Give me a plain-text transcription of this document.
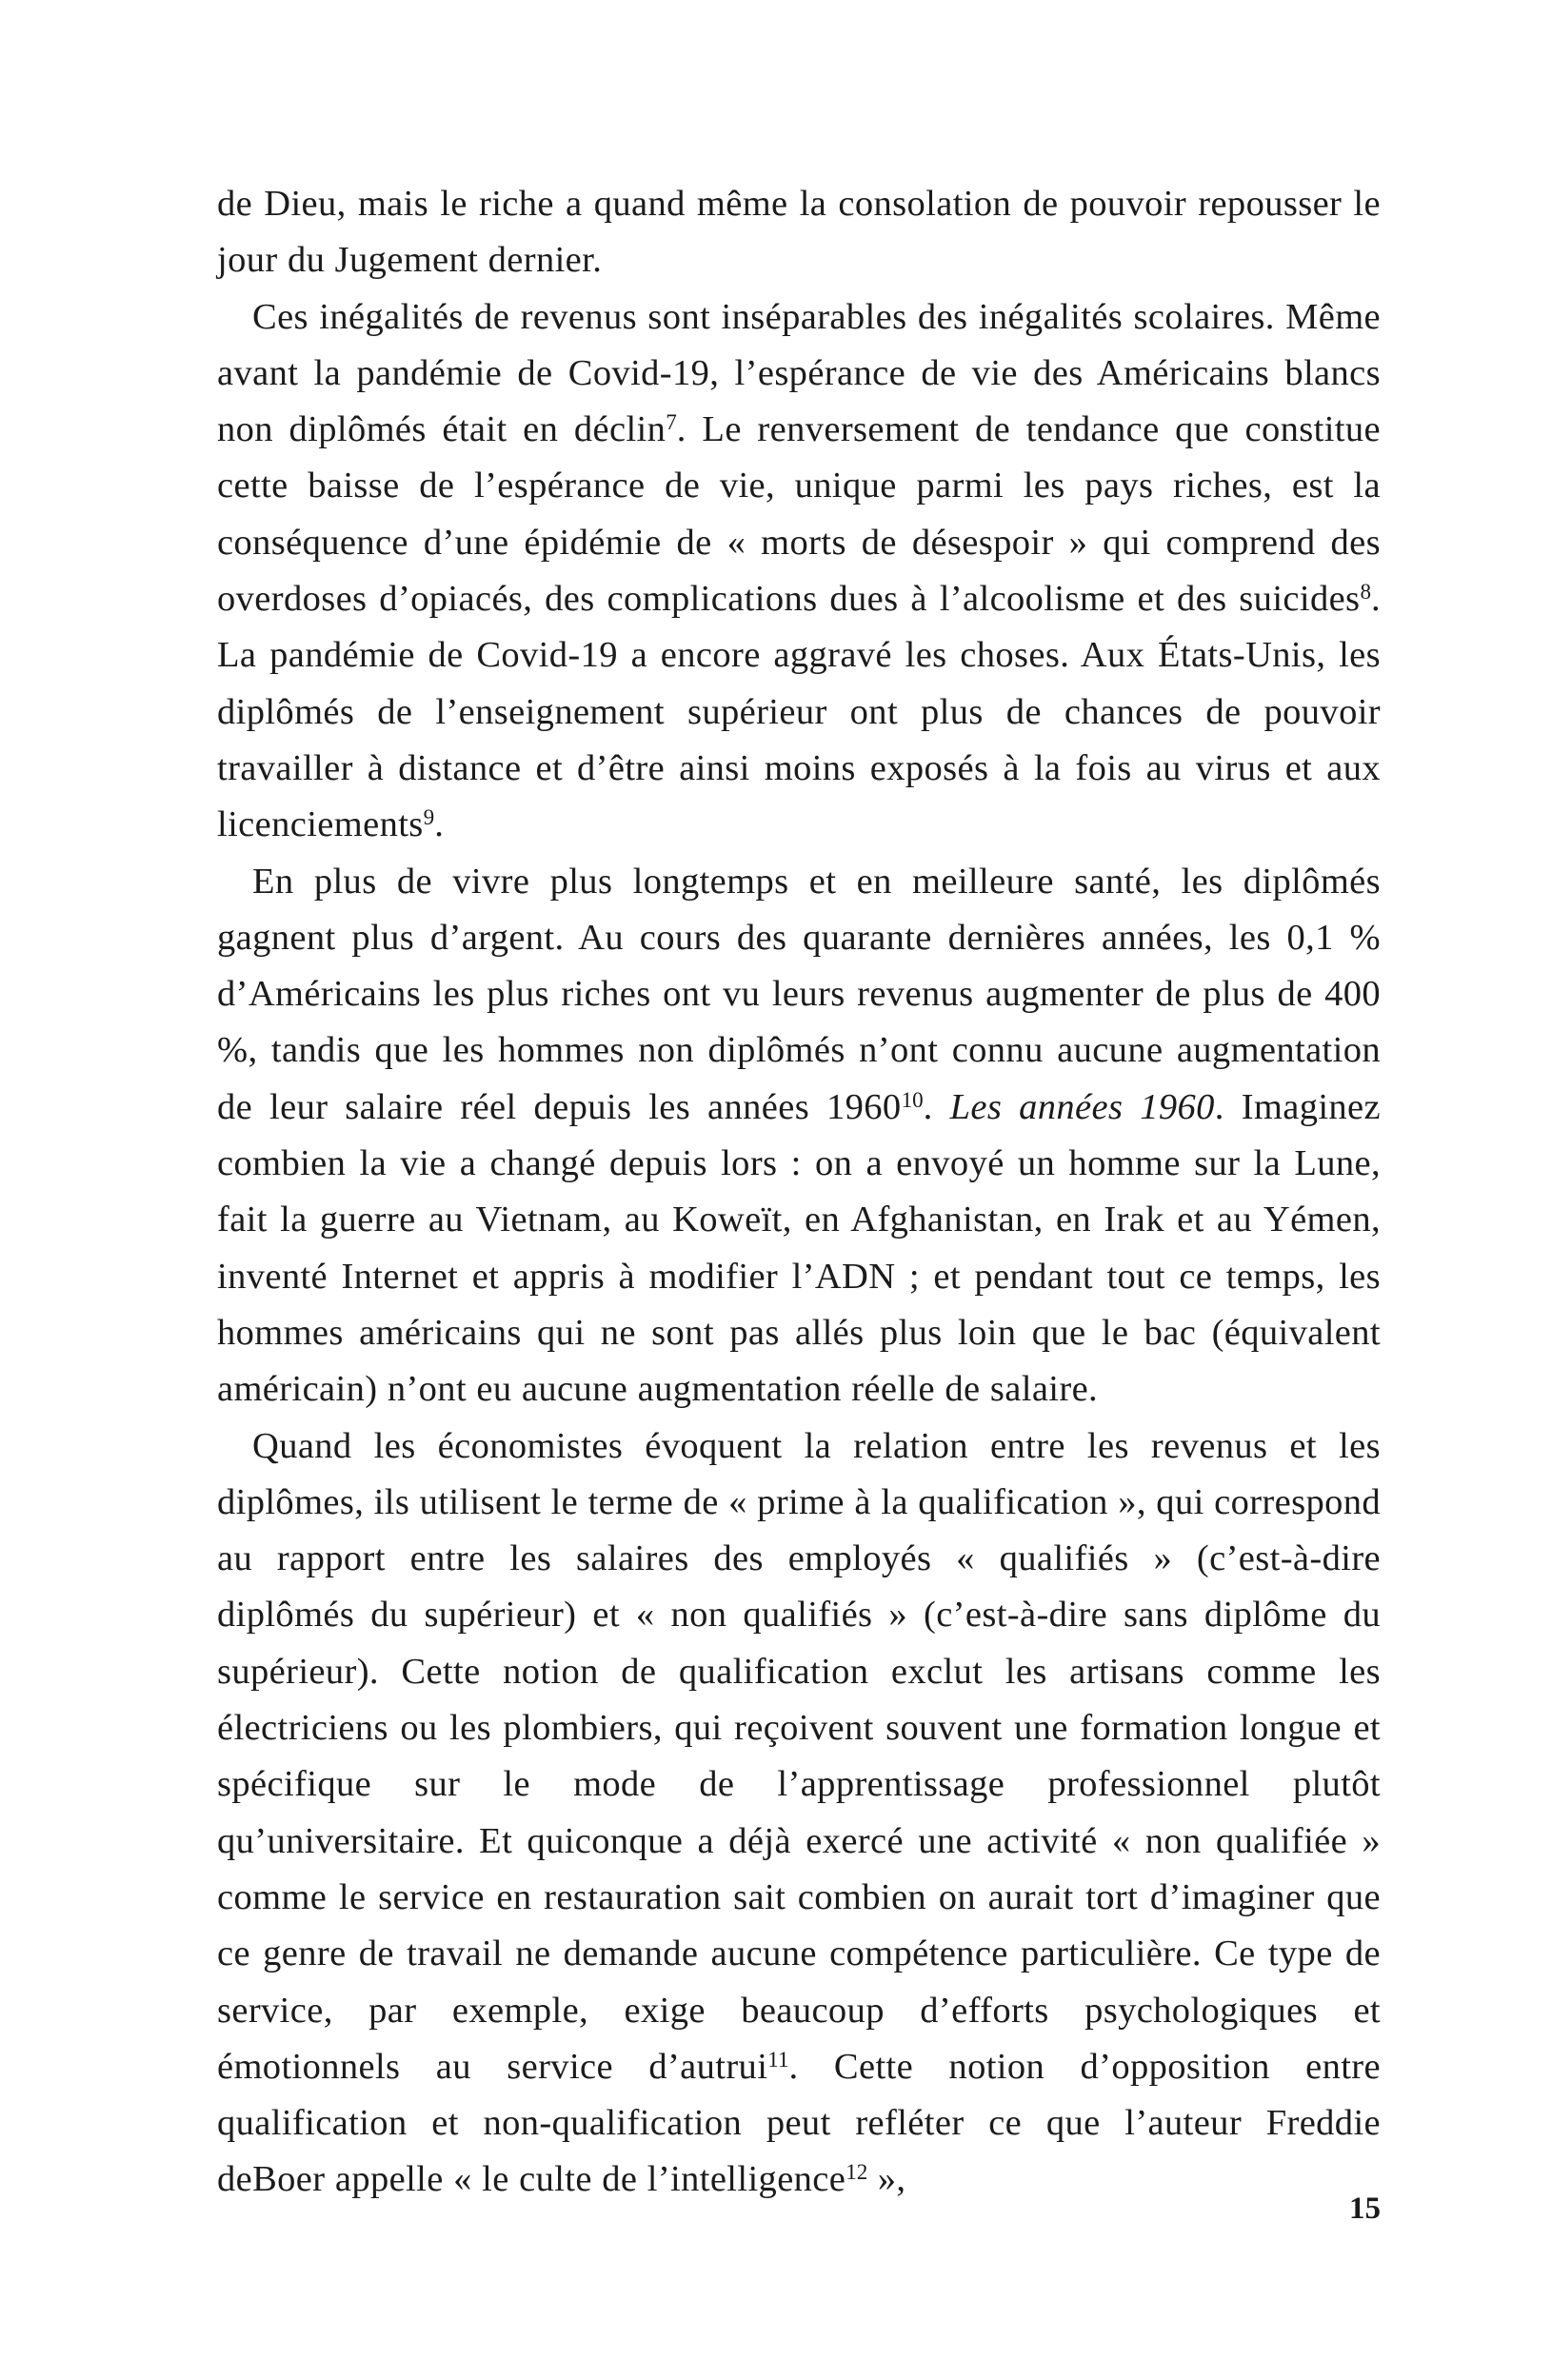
de Dieu, mais le riche a quand même la consolation de pouvoir repousser le jour du Jugement dernier.

Ces inégalités de revenus sont inséparables des inégalités scolaires. Même avant la pandémie de Covid-19, l’espérance de vie des Américains blancs non diplômés était en déclin$^7$. Le renversement de tendance que constitue cette baisse de l’espérance de vie, unique parmi les pays riches, est la conséquence d’une épidémie de « morts de désespoir » qui comprend des overdoses d’opiacés, des complications dues à l’alcoolisme et des suicides$^8$. La pandémie de Covid-19 a encore aggravé les choses. Aux États-Unis, les diplômés de l’enseignement supérieur ont plus de chances de pouvoir travailler à distance et d’être ainsi moins exposés à la fois au virus et aux licenciements$^9$.

En plus de vivre plus longtemps et en meilleure santé, les diplômés gagnent plus d’argent. Au cours des quarante dernières années, les 0,1 % d’Américains les plus riches ont vu leurs revenus augmenter de plus de 400 %, tandis que les hommes non diplômés n’ont connu aucune augmentation de leur salaire réel depuis les années 1960$^{10}$. Les années 1960. Imaginez combien la vie a changé depuis lors : on a envoyé un homme sur la Lune, fait la guerre au Vietnam, au Koweït, en Afghanistan, en Irak et au Yémen, inventé Internet et appris à modifier l’ADN ; et pendant tout ce temps, les hommes américains qui ne sont pas allés plus loin que le bac (équivalent américain) n’ont eu aucune augmentation réelle de salaire.

Quand les économistes évoquent la relation entre les revenus et les diplômes, ils utilisent le terme de « prime à la qualification », qui correspond au rapport entre les salaires des employés « qualifiés » (c’est-à-dire diplômés du supérieur) et « non qualifiés » (c’est-à-dire sans diplôme du supérieur). Cette notion de qualification exclut les artisans comme les électriciens ou les plombiers, qui reçoivent souvent une formation longue et spécifique sur le mode de l’apprentissage professionnel plutôt qu’universitaire. Et quiconque a déjà exercé une activité « non qualifiée » comme le service en restauration sait combien on aurait tort d’imaginer que ce genre de travail ne demande aucune compétence particulière. Ce type de service, par exemple, exige beaucoup d’efforts psychologiques et émotionnels au service d’autrui$^{11}$. Cette notion d’opposition entre qualification et non-qualification peut refléter ce que l’auteur Freddie deBoer appelle « le culte de l’intelligence$^{12}$ »,

15
